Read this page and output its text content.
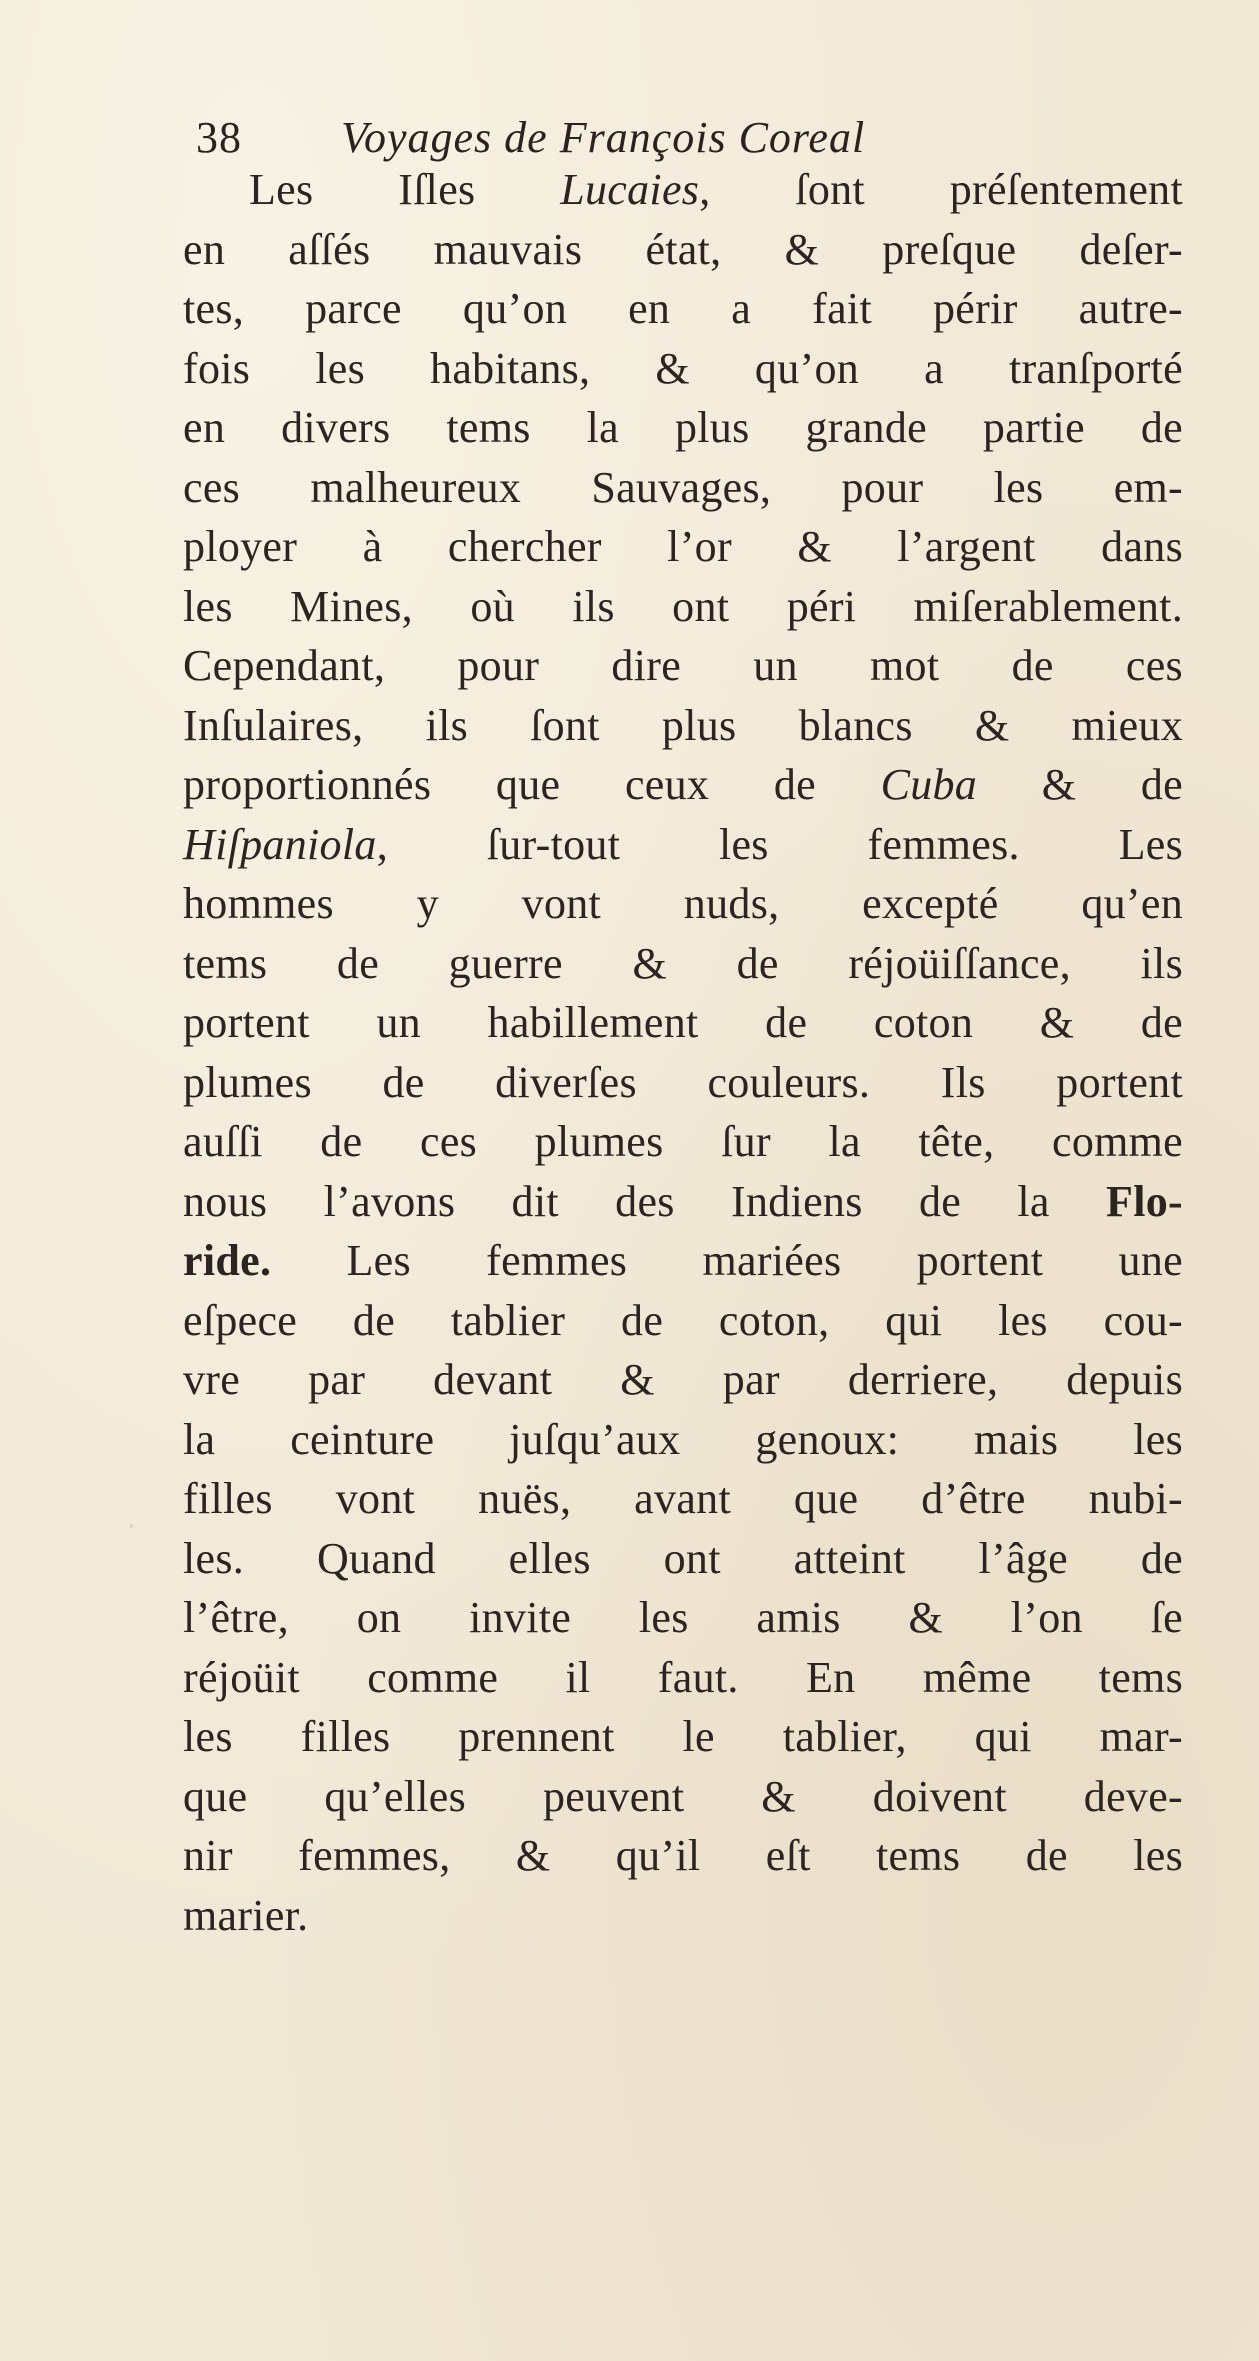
38 Voyages de François Coreal
Les Iſles Lucaies, ſont préſentement
en aſſés mauvais état, & preſque deſer-
tes, parce qu’on en a fait périr autre-
fois les habitans, & qu’on a tranſporté
en divers tems la plus grande partie de
ces malheureux Sauvages, pour les em-
ployer à chercher l’or & l’argent dans
les Mines, où ils ont péri miſerablement.
Cependant, pour dire un mot de ces
Inſulaires, ils ſont plus blancs & mieux
proportionnés que ceux de Cuba & de
Hiſpaniola, ſur-tout les femmes. Les
hommes y vont nuds, excepté qu’en
tems de guerre & de réjoüiſſance, ils
portent un habillement de coton & de
plumes de diverſes couleurs. Ils portent
auſſi de ces plumes ſur la tête, comme
nous l’avons dit des Indiens de la Flo-
ride. Les femmes mariées portent une
eſpece de tablier de coton, qui les cou-
vre par devant & par derriere, depuis
la ceinture juſqu’aux genoux: mais les
filles vont nuës, avant que d’être nubi-
les. Quand elles ont atteint l’âge de
l’être, on invite les amis & l’on ſe
réjoüit comme il faut. En même tems
les filles prennent le tablier, qui mar-
que qu’elles peuvent & doivent deve-
nir femmes, & qu’il eſt tems de les
marier.
·
